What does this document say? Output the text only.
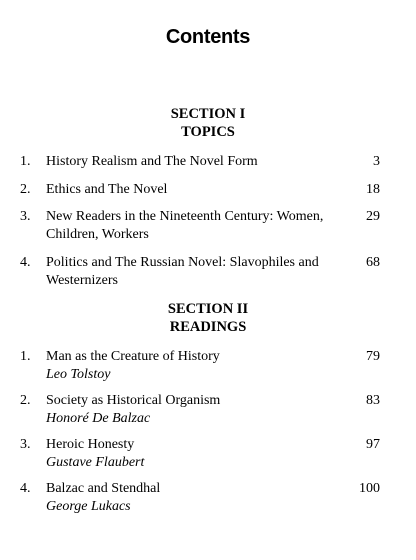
Contents
SECTION I
TOPICS
1. History Realism and The Novel Form	3
2. Ethics and The Novel	18
3. New Readers in the Nineteenth Century: Women, Children, Workers
29
4. Politics and The Russian Novel: Slavophiles and Westernizers
68
SECTION II
READINGS
1. Man as the Creature of History
Leo Tolstoy
79
2. Society as Historical Organism
Honoré De Balzac
83
3. Heroic Honesty
Gustave Flaubert
97
4. Balzac and Stendhal
George Lukacs
100
